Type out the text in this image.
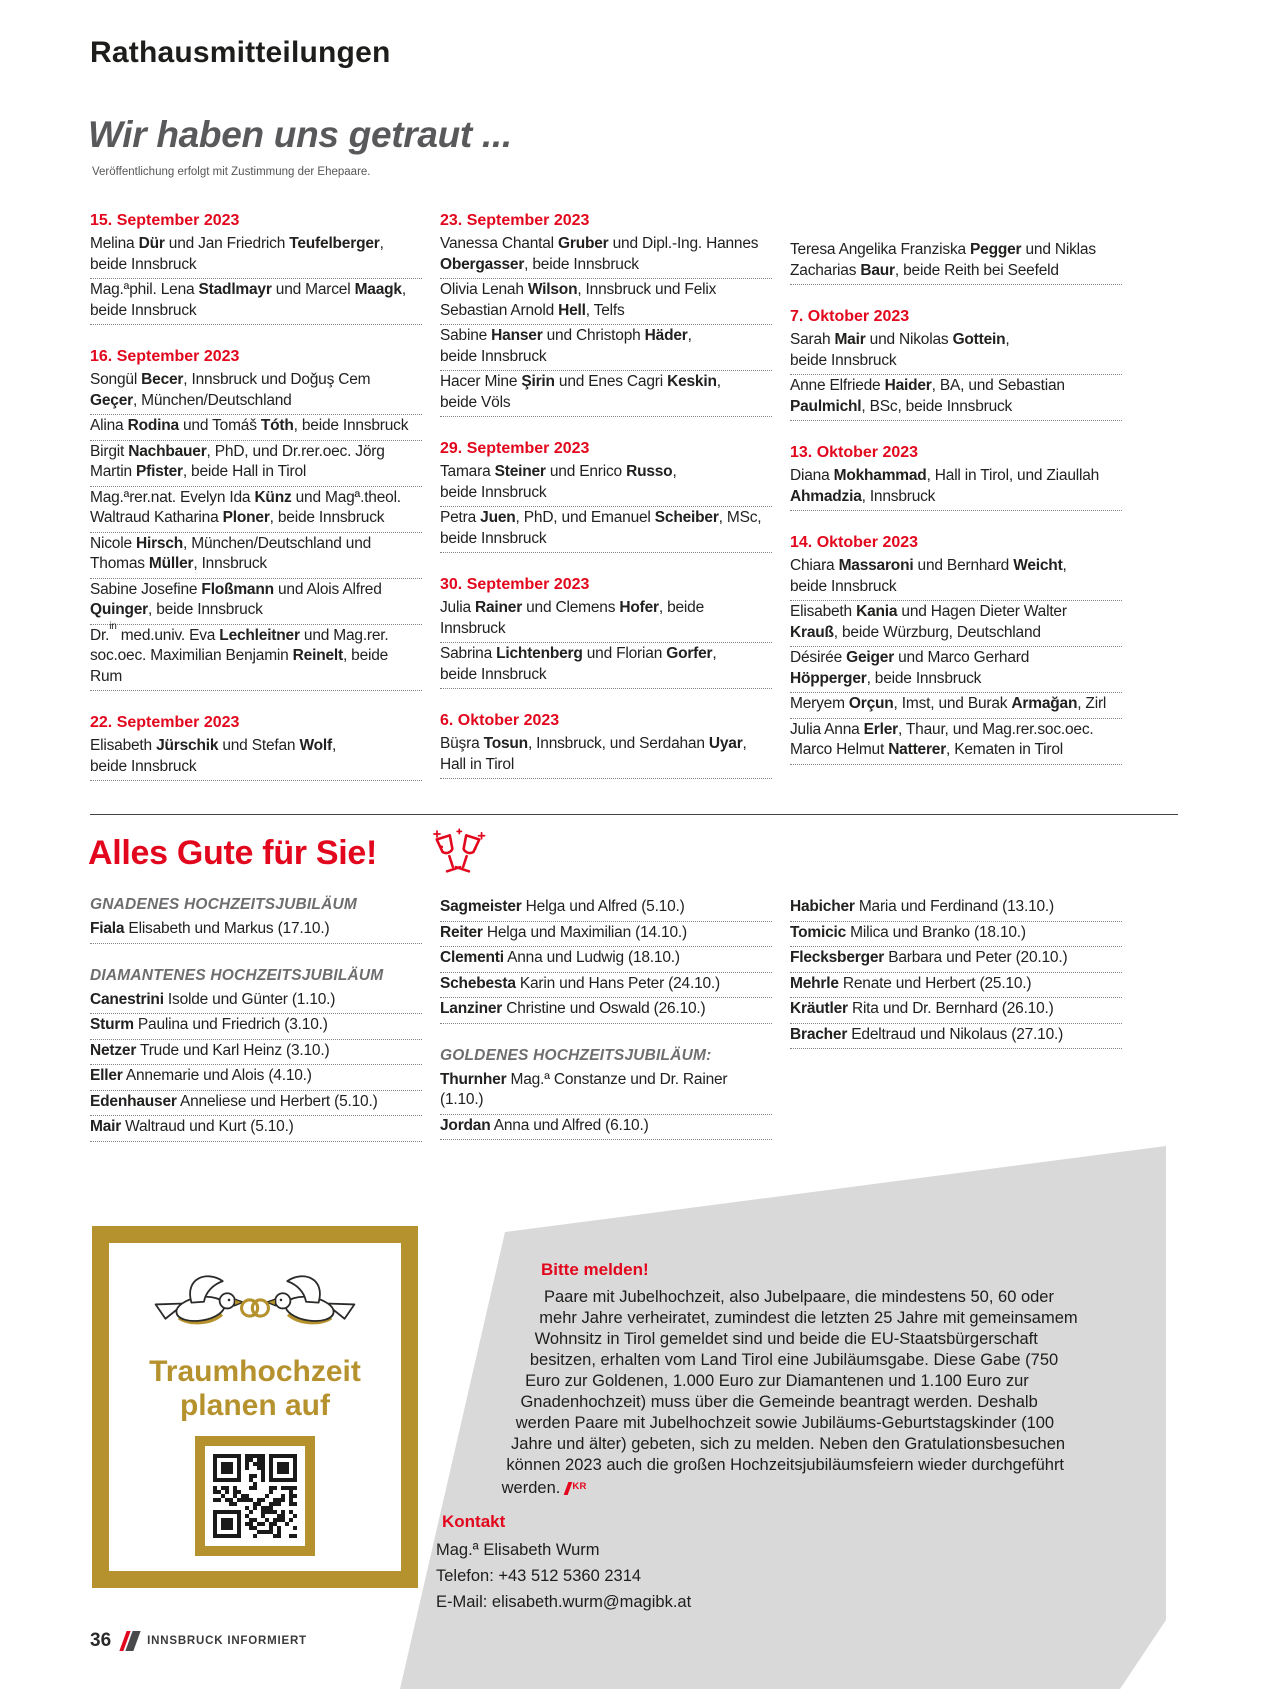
Rathausmitteilungen
Wir haben uns getraut ...

Veröffentlichung erfolgt mit Zustimmung der Ehepaare.

15. September 2023
Melina Dür und Jan Friedrich Teufelberger,
beide Innsbruck
Mag.ªphil. Lena Stadlmayr und Marcel Maagk,
beide Innsbruck
16. September 2023
Songül Becer, Innsbruck und Doğuş Cem
Geçer, München/Deutschland
Alina Rodina und Tomáš Tóth, beide Innsbruck
Birgit Nachbauer, PhD, und Dr.rer.oec. Jörg
Martin Pfister, beide Hall in Tirol
Mag.ªrer.nat. Evelyn Ida Künz und Magª.theol.
Waltraud Katharina Ploner, beide Innsbruck
Nicole Hirsch, München/Deutschland und
Thomas Müller, Innsbruck
Sabine Josefine Floßmann und Alois Alfred
Quinger, beide Innsbruck
Dr.$^{in}$ med.univ. Eva Lechleitner und Mag.rer.
soc.oec. Maximilian Benjamin Reinelt, beide
Rum
22. September 2023
Elisabeth Jürschik und Stefan Wolf,
beide Innsbruck
23. September 2023
Vanessa Chantal Gruber und Dipl.-Ing. Hannes
Obergasser, beide Innsbruck
Olivia Lenah Wilson, Innsbruck und Felix
Sebastian Arnold Hell, Telfs
Sabine Hanser und Christoph Häder,
beide Innsbruck
Hacer Mine Şirin und Enes Cagri Keskin,
beide Völs
29. September 2023
Tamara Steiner und Enrico Russo,
beide Innsbruck
Petra Juen, PhD, und Emanuel Scheiber, MSc,
beide Innsbruck
30. September 2023
Julia Rainer und Clemens Hofer, beide
Innsbruck
Sabrina Lichtenberg und Florian Gorfer,
beide Innsbruck
6. Oktober 2023
Büşra Tosun, Innsbruck, und Serdahan Uyar,
Hall in Tirol
Teresa Angelika Franziska Pegger und Niklas
Zacharias Baur, beide Reith bei Seefeld
7. Oktober 2023
Sarah Mair und Nikolas Gottein,
beide Innsbruck
Anne Elfriede Haider, BA, und Sebastian
Paulmichl, BSc, beide Innsbruck
13. Oktober 2023
Diana Mokhammad, Hall in Tirol, und Ziaullah
Ahmadzia, Innsbruck
14. Oktober 2023
Chiara Massaroni und Bernhard Weicht,
beide Innsbruck
Elisabeth Kania und Hagen Dieter Walter
Krauß, beide Würzburg, Deutschland
Désirée Geiger und Marco Gerhard
Höpperger, beide Innsbruck
Meryem Orçun, Imst, und Burak Armağan, Zirl
Julia Anna Erler, Thaur, und Mag.rer.soc.oec.
Marco Helmut Natterer, Kematen in Tirol
Alles Gute für Sie!
GNADENES HOCHZEITSJUBILÄUM
Fiala Elisabeth und Markus (17.10.)
DIAMANTENES HOCHZEITSJUBILÄUM
Canestrini Isolde und Günter (1.10.)
Sturm Paulina und Friedrich (3.10.)
Netzer Trude und Karl Heinz (3.10.)
Eller Annemarie und Alois (4.10.)
Edenhauser Anneliese und Herbert (5.10.)
Mair Waltraud und Kurt (5.10.)
Sagmeister Helga und Alfred (5.10.)
Reiter Helga und Maximilian (14.10.)
Clementi Anna und Ludwig (18.10.)
Schebesta Karin und Hans Peter (24.10.)
Lanziner Christine und Oswald (26.10.)
GOLDENES HOCHZEITSJUBILÄUM:
Thurnher Mag.ª Constanze und Dr. Rainer (1.10.)
Jordan Anna und Alfred (6.10.)
Habicher Maria und Ferdinand (13.10.)
Tomicic Milica und Branko (18.10.)
Flecksberger Barbara und Peter (20.10.)
Mehrle Renate und Herbert (25.10.)
Kräutler Rita und Dr. Bernhard (26.10.)
Bracher Edeltraud und Nikolaus (27.10.)

Traumhochzeit

planen auf

Bitte melden!

Paare mit Jubelhochzeit, also Jubelpaare, die mindestens 50, 60 oder mehr Jahre verheiratet, zumindest die letzten 25 Jahre mit gemeinsamem Wohnsitz in Tirol gemeldet sind und beide die EU-Staatsbürgerschaft besitzen, erhalten vom Land Tirol eine Jubiläumsgabe. Diese Gabe (750 Euro zur Goldenen, 1.000 Euro zur Diamantenen und 1.100 Euro zur Gnadenhochzeit) muss über die Gemeinde beantragt werden. Deshalb werden Paare mit Jubelhochzeit sowie Jubiläums-Geburtstagskinder (100 Jahre und älter) gebeten, sich zu melden. Neben den Gratulationsbesuchen können 2023 auch die großen Hochzeitsjubiläumsfeiern wieder durchgeführt werden. $^{KR}$

Kontakt

Mag.ª Elisabeth Wurm

Telefon: +43 512 5360 2314

E-Mail: elisabeth.wurm@magibk.at

36	INNSBRUCK INFORMIERT
